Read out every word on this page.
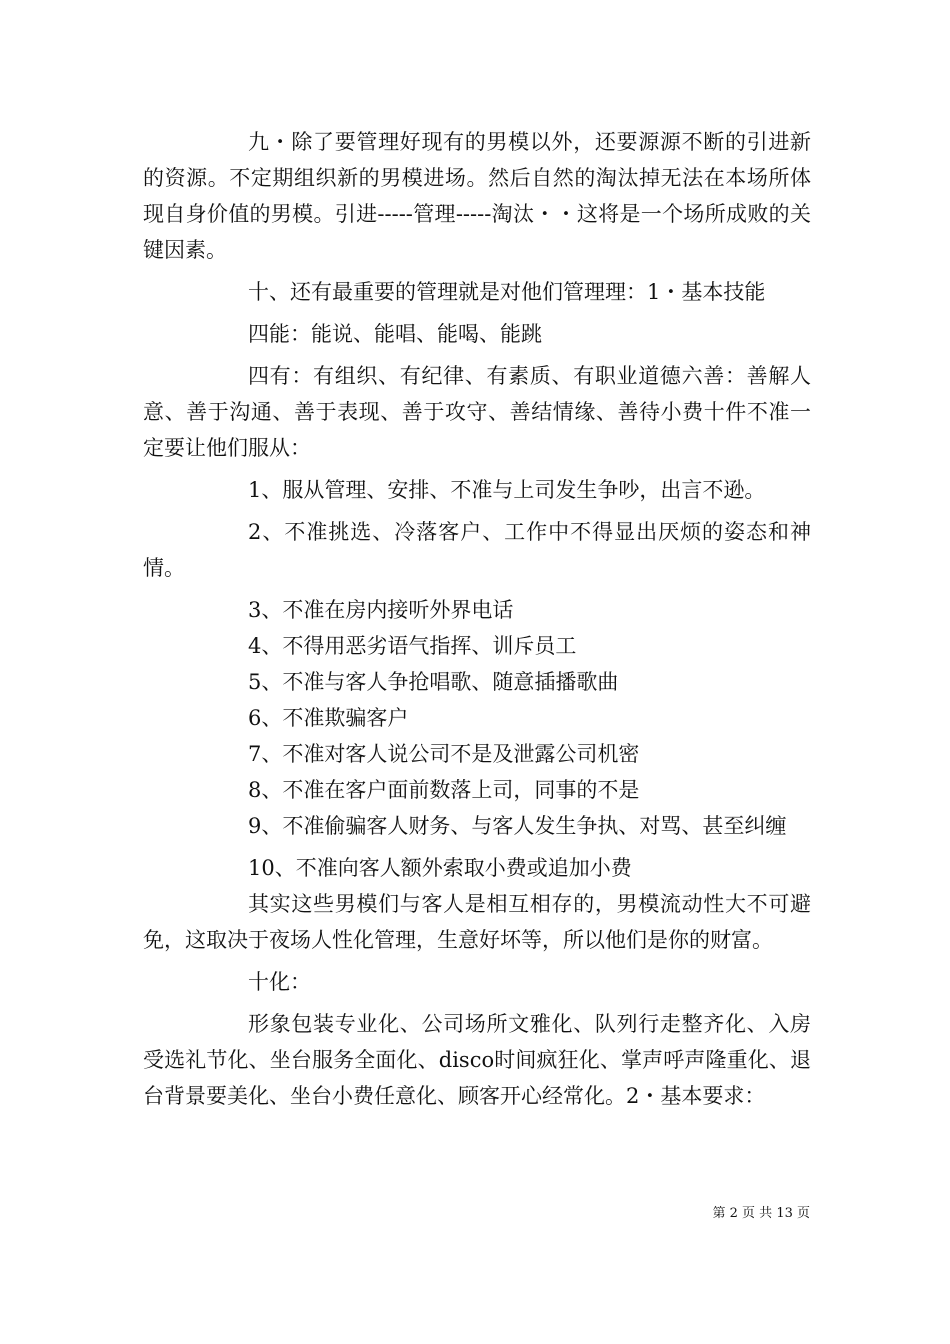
九・除了要管理好现有的男模以外，还要源源不断的引进新的资源。不定期组织新的男模进场。然后自然的淘汰掉无法在本场所体现自身价值的男模。引进-----管理-----淘汰・・这将是一个场所成败的关键因素。

十、还有最重要的管理就是对他们管理理：1・基本技能

四能：能说、能唱、能喝、能跳

四有：有组织、有纪律、有素质、有职业道德六善：善解人意、善于沟通、善于表现、善于攻守、善结情缘、善待小费十件不准一定要让他们服从：

1、服从管理、安排、不准与上司发生争吵，出言不逊。

2、不准挑选、冷落客户、工作中不得显出厌烦的姿态和神情。

3、不准在房内接听外界电话

4、不得用恶劣语气指挥、训斥员工

5、不准与客人争抢唱歌、随意插播歌曲

6、不准欺骗客户

7、不准对客人说公司不是及泄露公司机密

8、不准在客户面前数落上司，同事的不是

9、不准偷骗客人财务、与客人发生争执、对骂、甚至纠缠

10、不准向客人额外索取小费或追加小费

其实这些男模们与客人是相互相存的，男模流动性大不可避免，这取决于夜场人性化管理，生意好坏等，所以他们是你的财富。

十化：

形象包装专业化、公司场所文雅化、队列行走整齐化、入房受选礼节化、坐台服务全面化、disco时间疯狂化、掌声呼声隆重化、退台背景要美化、坐台小费任意化、顾客开心经常化。2・基本要求：

第 2 页 共 13 页
